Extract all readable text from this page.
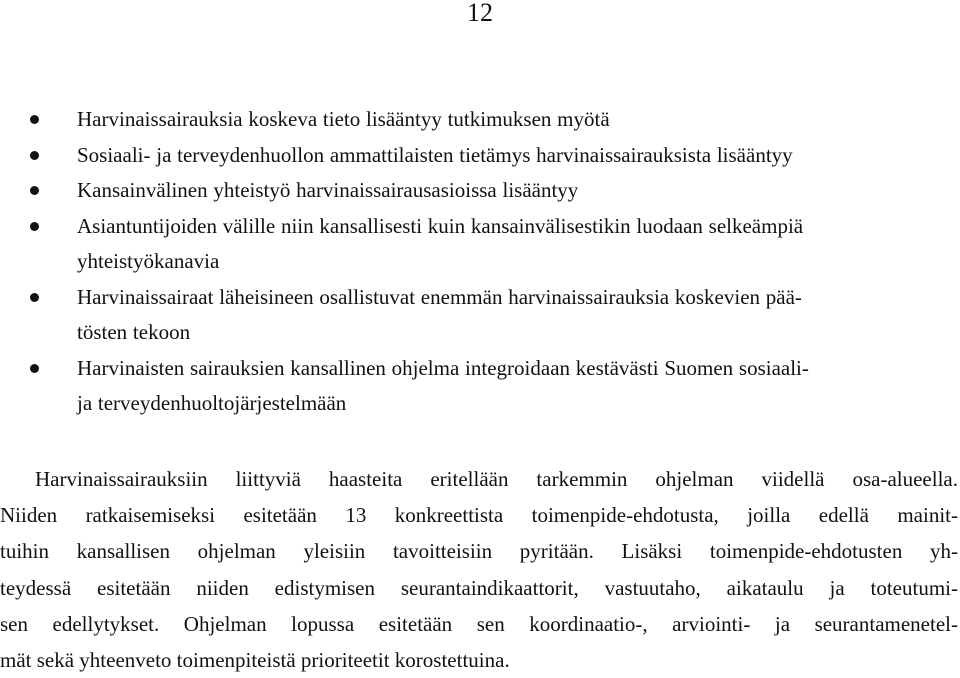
12
Harvinaissairauksia koskeva tieto lisääntyy tutkimuksen myötä
Sosiaali- ja terveydenhuollon ammattilaisten tietämys harvinaissairauksista lisääntyy
Kansainvälinen yhteistyö harvinaissairausasioissa lisääntyy
Asiantuntijoiden välille niin kansallisesti kuin kansainvälisestikin luodaan selkeämpiä
yhteistyökanavia
Harvinaissairaat läheisineen osallistuvat enemmän harvinaissairauksia koskevien pää-
tösten tekoon
Harvinaisten sairauksien kansallinen ohjelma integroidaan kestävästi Suomen sosiaali-
ja terveydenhuoltojärjestelmään

Harvinaissairauksiin liittyviä haasteita eritellään tarkemmin ohjelman viidellä osa-alueella.
Niiden ratkaisemiseksi esitetään 13 konkreettista toimenpide-ehdotusta, joilla edellä mainit-
tuihin kansallisen ohjelman yleisiin tavoitteisiin pyritään. Lisäksi toimenpide-ehdotusten yh-
teydessä esitetään niiden edistymisen seurantaindikaattorit, vastuutaho, aikataulu ja toteutumi-
sen edellytykset. Ohjelman lopussa esitetään sen koordinaatio-, arviointi- ja seurantamenetel-
mät sekä yhteenveto toimenpiteistä prioriteetit korostettuina.
